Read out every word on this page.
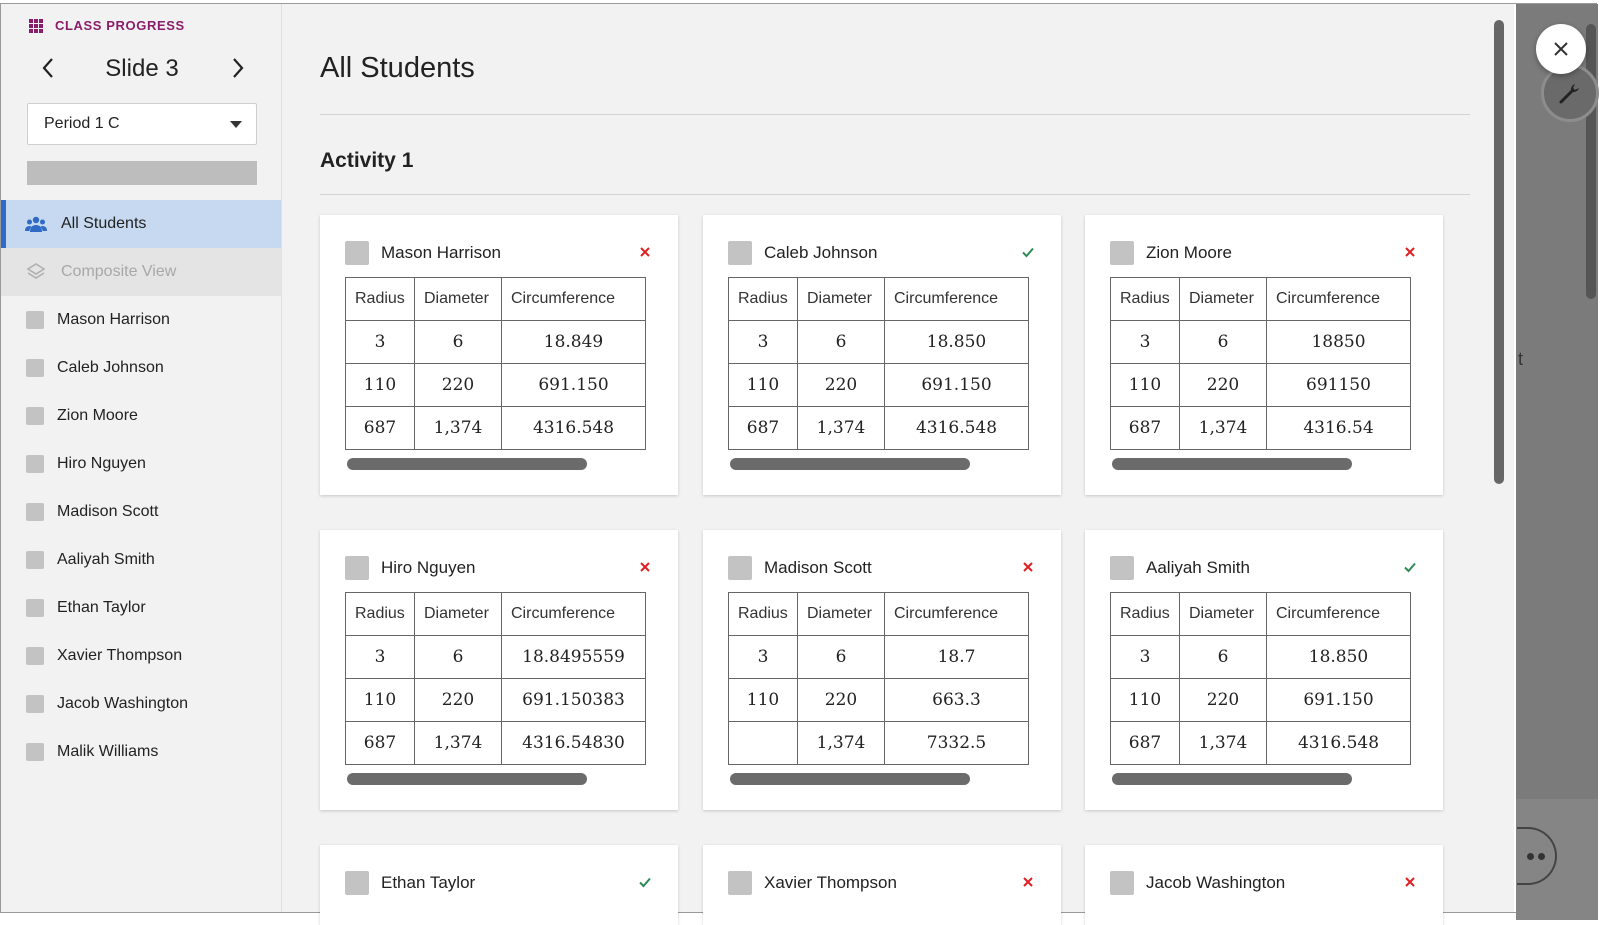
CLASS PROGRESS
Slide 3
Period 1 C
All Students
Composite View
Mason Harrison
Caleb Johnson
Zion Moore
Hiro Nguyen
Madison Scott
Aaliyah Smith
Ethan Taylor
Xavier Thompson
Jacob Washington
Malik Williams
All Students
Activity 1
Mason Harrison
Radius	Diameter	Circumference
3	6	18.849
110	220	691.150
687	1,374	4316.548
Caleb Johnson
Radius	Diameter	Circumference
3	6	18.850
110	220	691.150
687	1,374	4316.548
Zion Moore
Radius	Diameter	Circumference
3	6	18850
110	220	691150
687	1,374	4316.54
Hiro Nguyen
Radius	Diameter	Circumference
3	6	18.8495559
110	220	691.150383
687	1,374	4316.54830
Madison Scott
Radius	Diameter	Circumference
3	6	18.7
110	220	663.3
	1,374	7332.5
Aaliyah Smith
Radius	Diameter	Circumference
3	6	18.850
110	220	691.150
687	1,374	4316.548
Ethan Taylor	Xavier Thompson	Jacob Washington
t
